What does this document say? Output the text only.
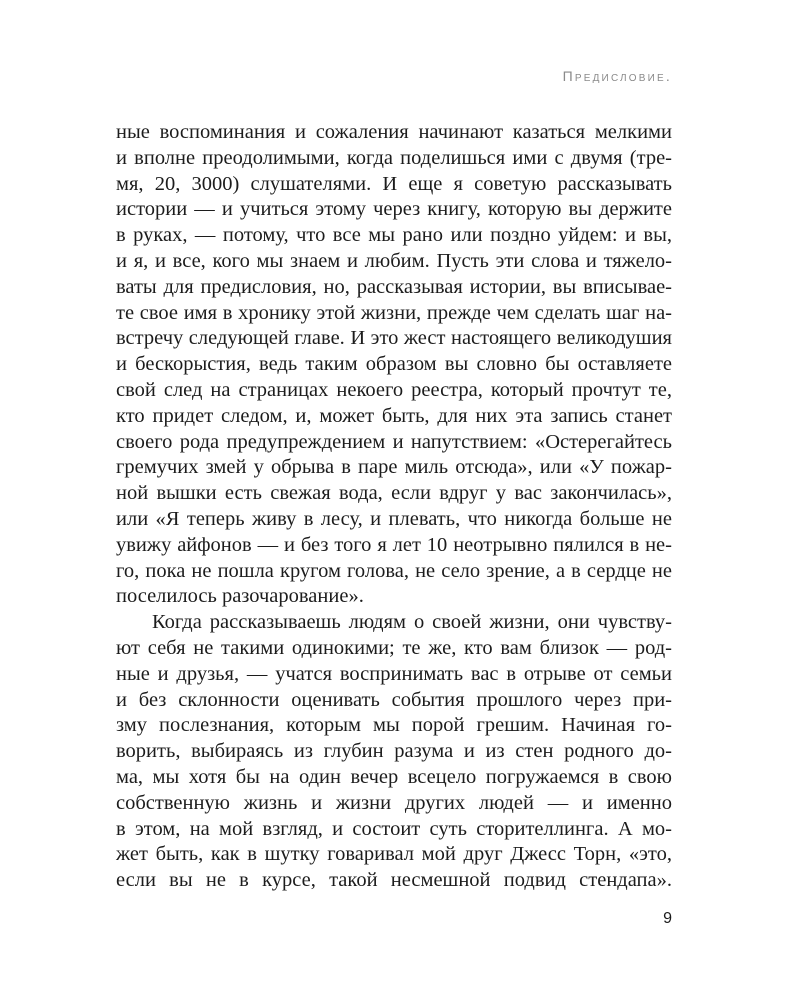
Предисловие.
ные воспоминания и сожаления начинают казаться мелкими
и вполне преодолимыми, когда поделишься ими с двумя (тре-
мя, 20, 3000) слушателями. И еще я советую рассказывать
истории — и учиться этому через книгу, которую вы держите
в руках, — потому, что все мы рано или поздно уйдем: и вы,
и я, и все, кого мы знаем и любим. Пусть эти слова и тяжело-
ваты для предисловия, но, рассказывая истории, вы вписывае-
те свое имя в хронику этой жизни, прежде чем сделать шаг на-
встречу следующей главе. И это жест настоящего великодушия
и бескорыстия, ведь таким образом вы словно бы оставляете
свой след на страницах некоего реестра, который прочтут те,
кто придет следом, и, может быть, для них эта запись станет
своего рода предупреждением и напутствием: «Остерегайтесь
гремучих змей у обрыва в паре миль отсюда», или «У пожар-
ной вышки есть свежая вода, если вдруг у вас закончилась»,
или «Я теперь живу в лесу, и плевать, что никогда больше не
увижу айфонов — и без того я лет 10 неотрывно пялился в не-
го, пока не пошла кругом голова, не село зрение, а в сердце не
поселилось разочарование».
Когда рассказываешь людям о своей жизни, они чувству-
ют себя не такими одинокими; те же, кто вам близок — род-
ные и друзья, — учатся воспринимать вас в отрыве от семьи
и без склонности оценивать события прошлого через при-
зму послезнания, которым мы порой грешим. Начиная го-
ворить, выбираясь из глубин разума и из стен родного до-
ма, мы хотя бы на один вечер всецело погружаемся в свою
собственную жизнь и жизни других людей — и именно
в этом, на мой взгляд, и состоит суть сторителлинга. А мо-
жет быть, как в шутку говаривал мой друг Джесс Торн, «это,
если вы не в курсе, такой несмешной подвид стендапа».
9
